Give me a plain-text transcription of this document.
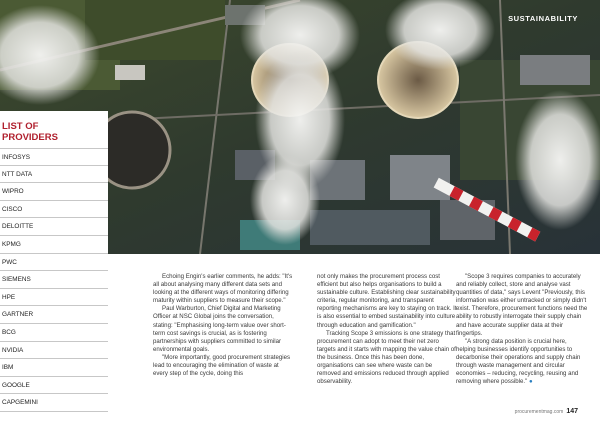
SUSTAINABILITY
LIST OF
PROVIDERS
INFOSYS
NTT DATA
WIPRO
CISCO
DELOITTE
KPMG
PWC
SIEMENS
HPE
GARTNER
BCG
NVIDIA
IBM
GOOGLE
CAPGEMINI

Echoing Engin's earlier comments, he adds: "It's all about analysing many different data sets and looking at the different ways of monitoring differing maturity within suppliers to measure their scope."

Paul Warburton, Chief Digital and Marketing Officer at NSC Global joins the conversation, stating: "Emphasising long-term value over short-term cost savings is crucial, as is fostering partnerships with suppliers committed to similar environmental goals.

"More importantly, good procurement strategies lead to encouraging the elimination of waste at every step of the cycle, doing this

not only makes the procurement process cost efficient but also helps organisations to build a sustainable culture. Establishing clear sustainability criteria, regular monitoring, and transparent reporting mechanisms are key to staying on track. It is also essential to embed sustainability into culture through education and gamification."

Tracking Scope 3 emissions is one strategy that procurement can adopt to meet their net zero targets and it starts with mapping the value chain of the business. Once this has been done, organisations can see where waste can be removed and emissions reduced through applied observability.

"Scope 3 requires companies to accurately and reliably collect, store and analyse vast quantities of data," says Levent "Previously, this information was either untracked or simply didn't exist. Therefore, procurement functions need the ability to robustly interrogate their supply chain and have accurate supplier data at their fingertips.

"A strong data position is crucial here, helping businesses identify opportunities to decarbonise their operations and supply chain through waste management and circular economies – reducing, recycling, reusing and removing where possible." ●

procurementmag.com 147
